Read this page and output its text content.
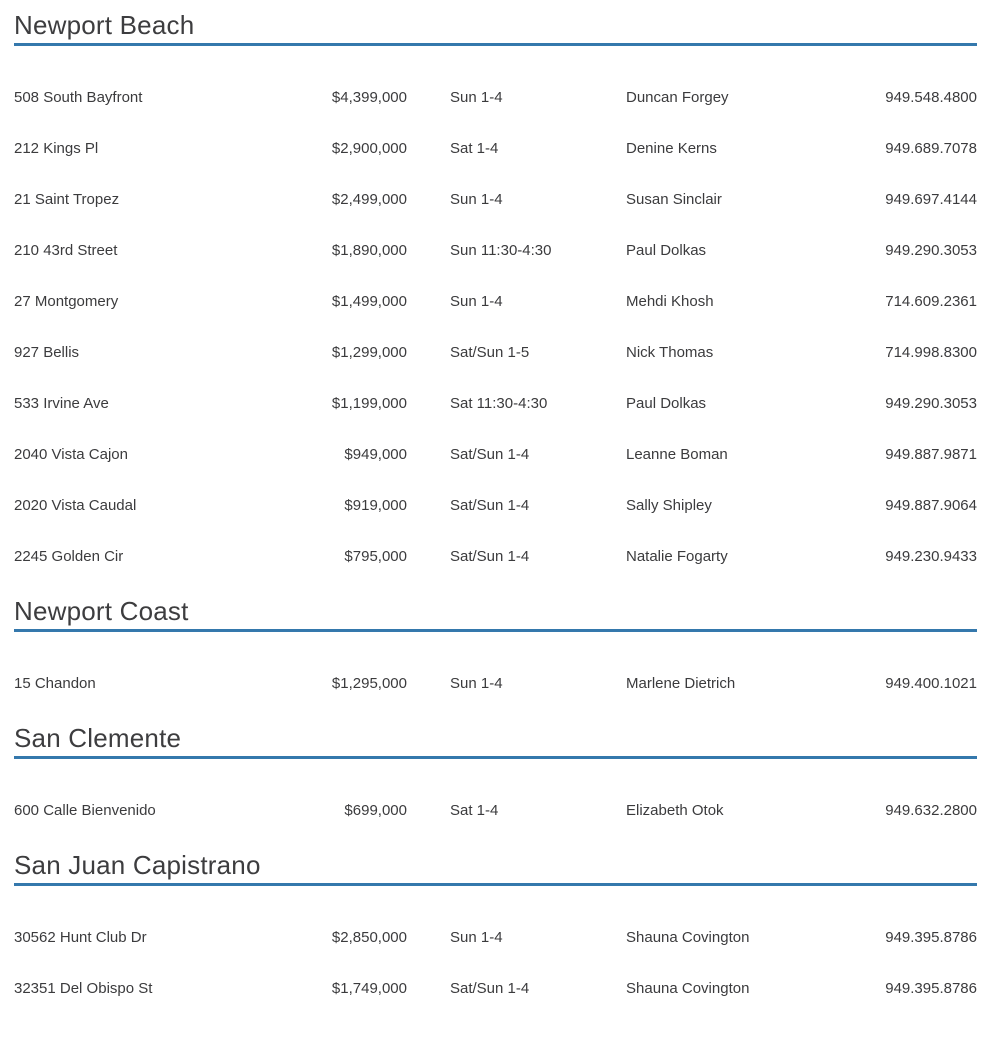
Newport Beach
508 South Bayfront	$4,399,000	Sun 1-4	Duncan Forgey	949.548.4800
212 Kings Pl	$2,900,000	Sat 1-4	Denine Kerns	949.689.7078
21 Saint Tropez	$2,499,000	Sun 1-4	Susan Sinclair	949.697.4144
210 43rd Street	$1,890,000	Sun 11:30-4:30	Paul Dolkas	949.290.3053
27 Montgomery	$1,499,000	Sun 1-4	Mehdi Khosh	714.609.2361
927 Bellis	$1,299,000	Sat/Sun 1-5	Nick Thomas	714.998.8300
533 Irvine Ave	$1,199,000	Sat 11:30-4:30	Paul Dolkas	949.290.3053
2040 Vista Cajon	$949,000	Sat/Sun 1-4	Leanne Boman	949.887.9871
2020 Vista Caudal	$919,000	Sat/Sun 1-4	Sally Shipley	949.887.9064
2245 Golden Cir	$795,000	Sat/Sun 1-4	Natalie Fogarty	949.230.9433
Newport Coast
15 Chandon	$1,295,000	Sun 1-4	Marlene Dietrich	949.400.1021
San Clemente
600 Calle Bienvenido	$699,000	Sat 1-4	Elizabeth Otok	949.632.2800
San Juan Capistrano
30562 Hunt Club Dr	$2,850,000	Sun 1-4	Shauna Covington	949.395.8786
32351 Del Obispo St	$1,749,000	Sat/Sun 1-4	Shauna Covington	949.395.8786
